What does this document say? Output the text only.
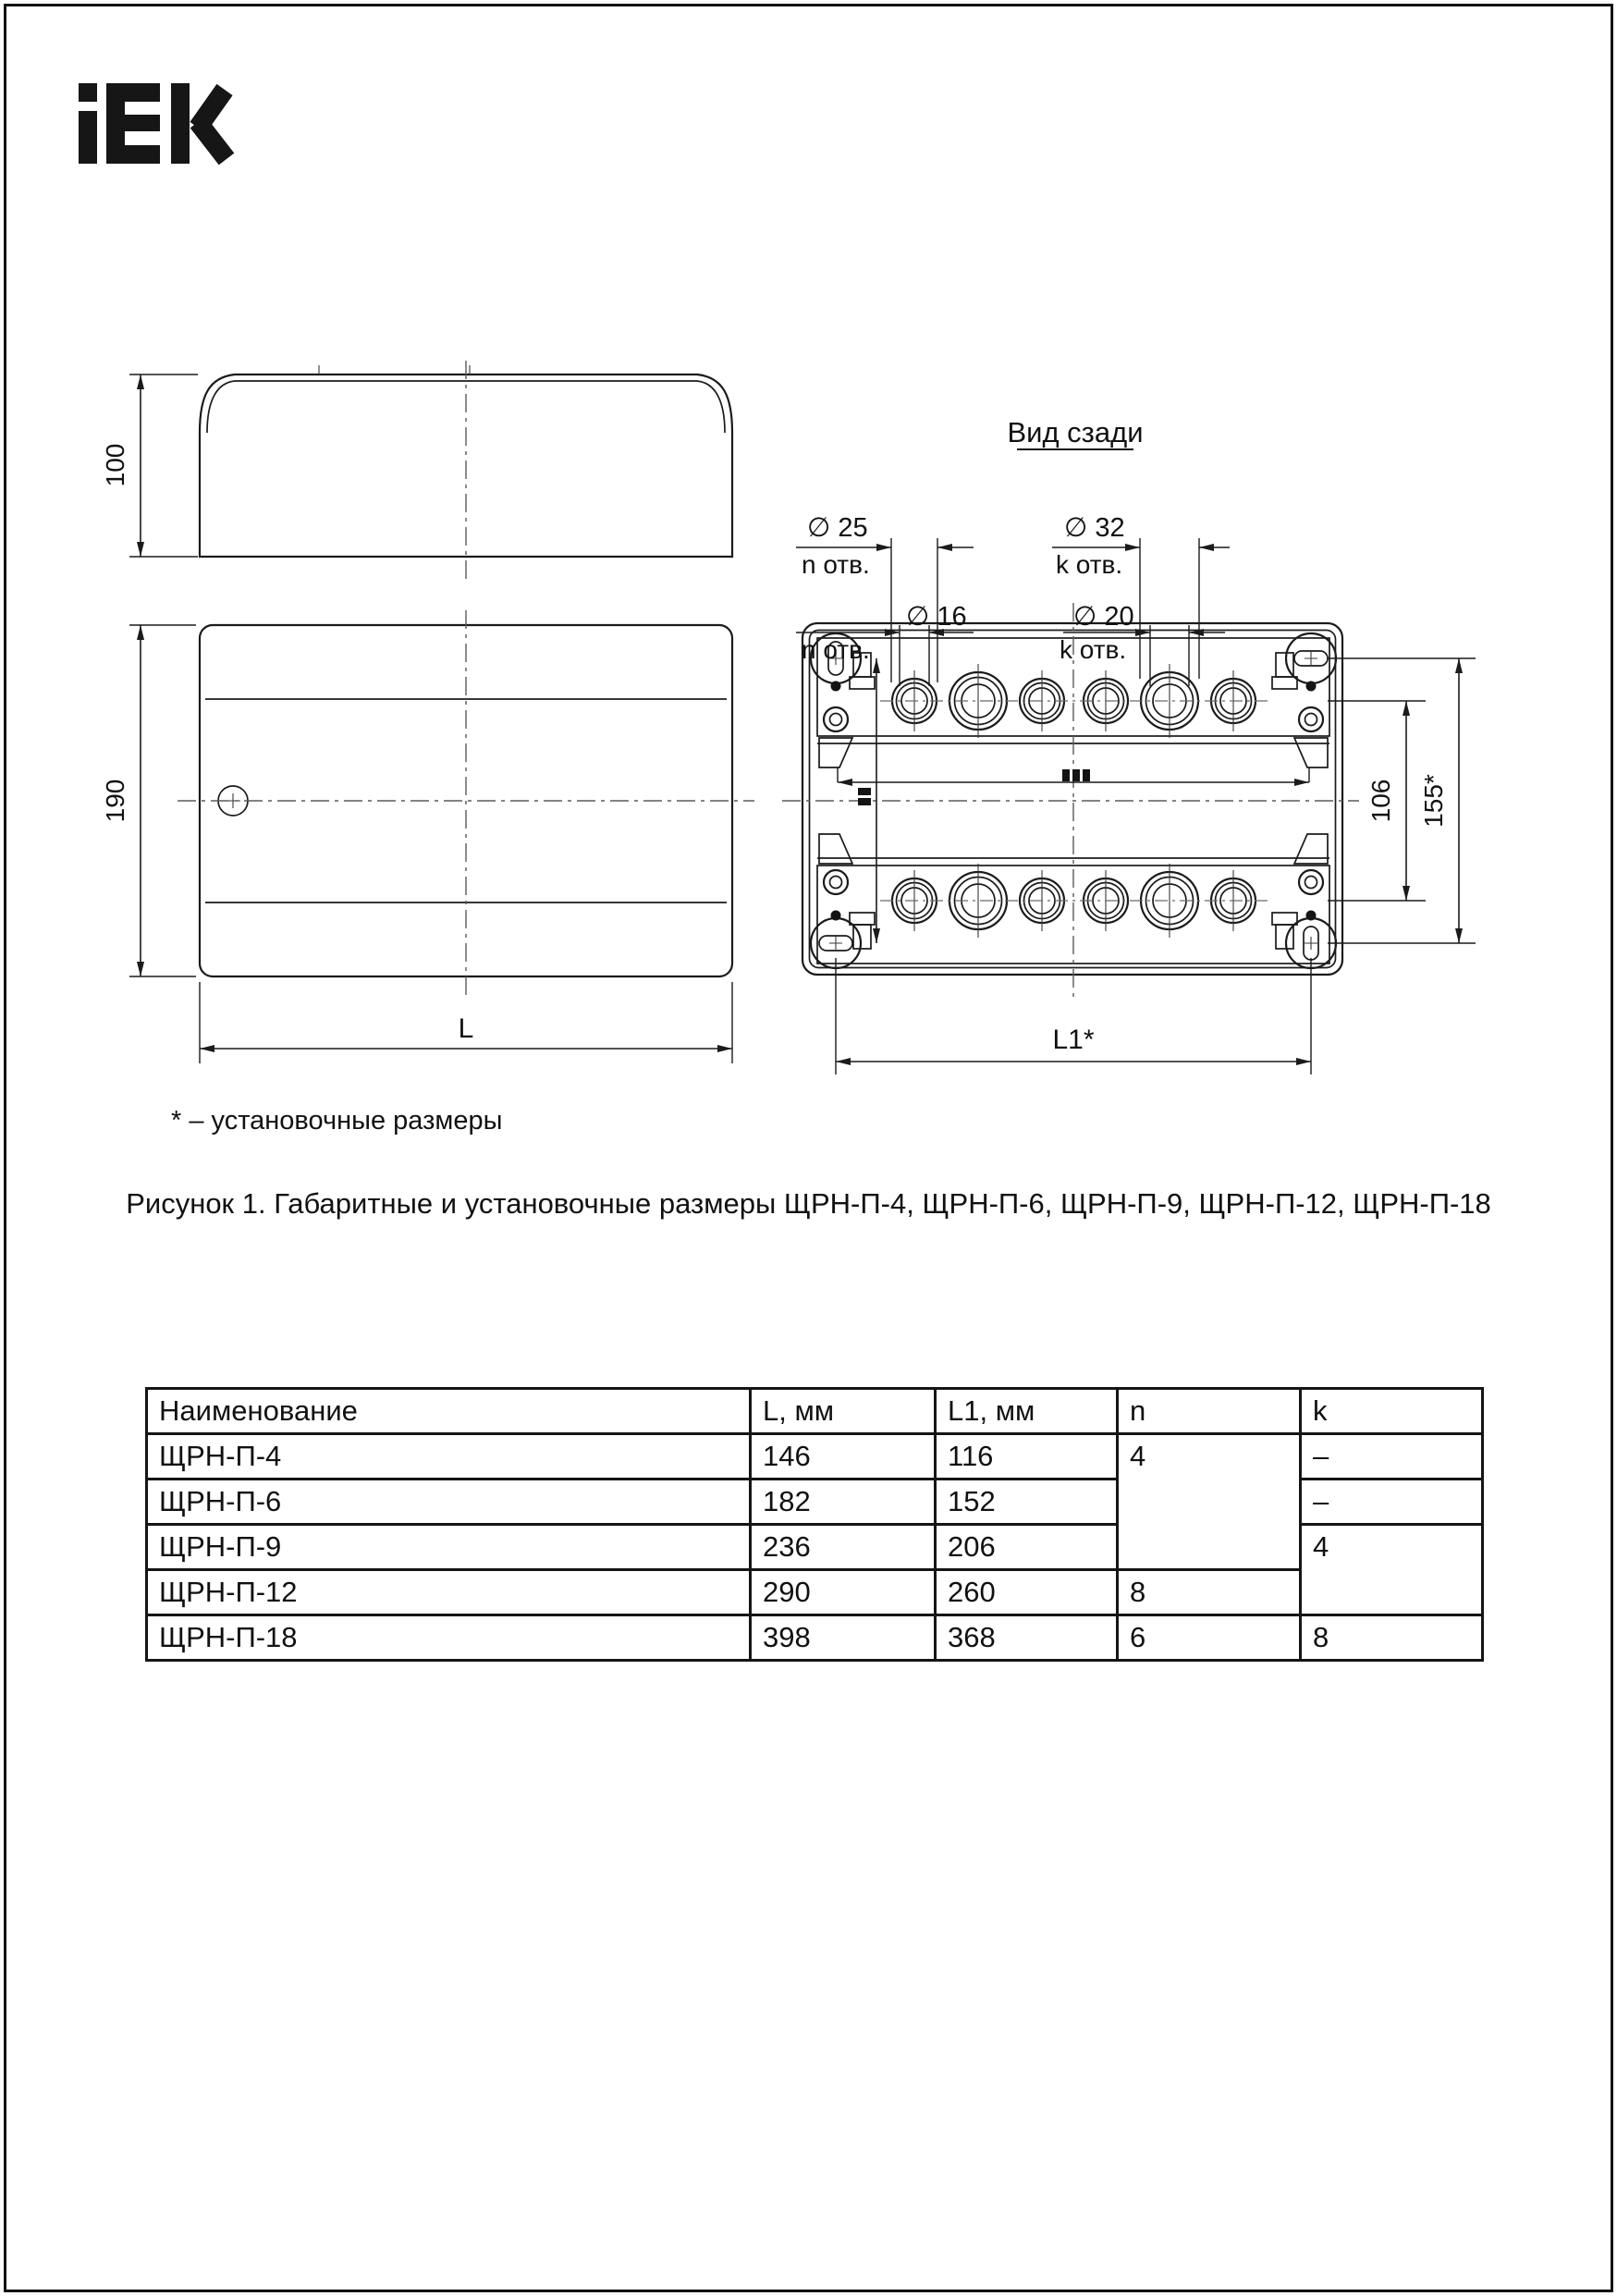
100
190
L
Вид сзади
∅ 25
n отв.
∅ 16
n отв.
∅ 32
k отв.
∅ 20
k отв.
155*
106
L1*
* – установочные размеры
Рисунок 1. Габаритные и установочные размеры ЩРН-П-4, ЩРН-П-6, ЩРН-П-9, ЩРН-П-12, ЩРН-П-18
Наименование	L, мм	L1, мм	n	k
ЩРН-П-4	146	116	4	–
ЩРН-П-6	182	152		–
ЩРН-П-9	236	206		4
ЩРН-П-12	290	260	8	
ЩРН-П-18	398	368	6	8
